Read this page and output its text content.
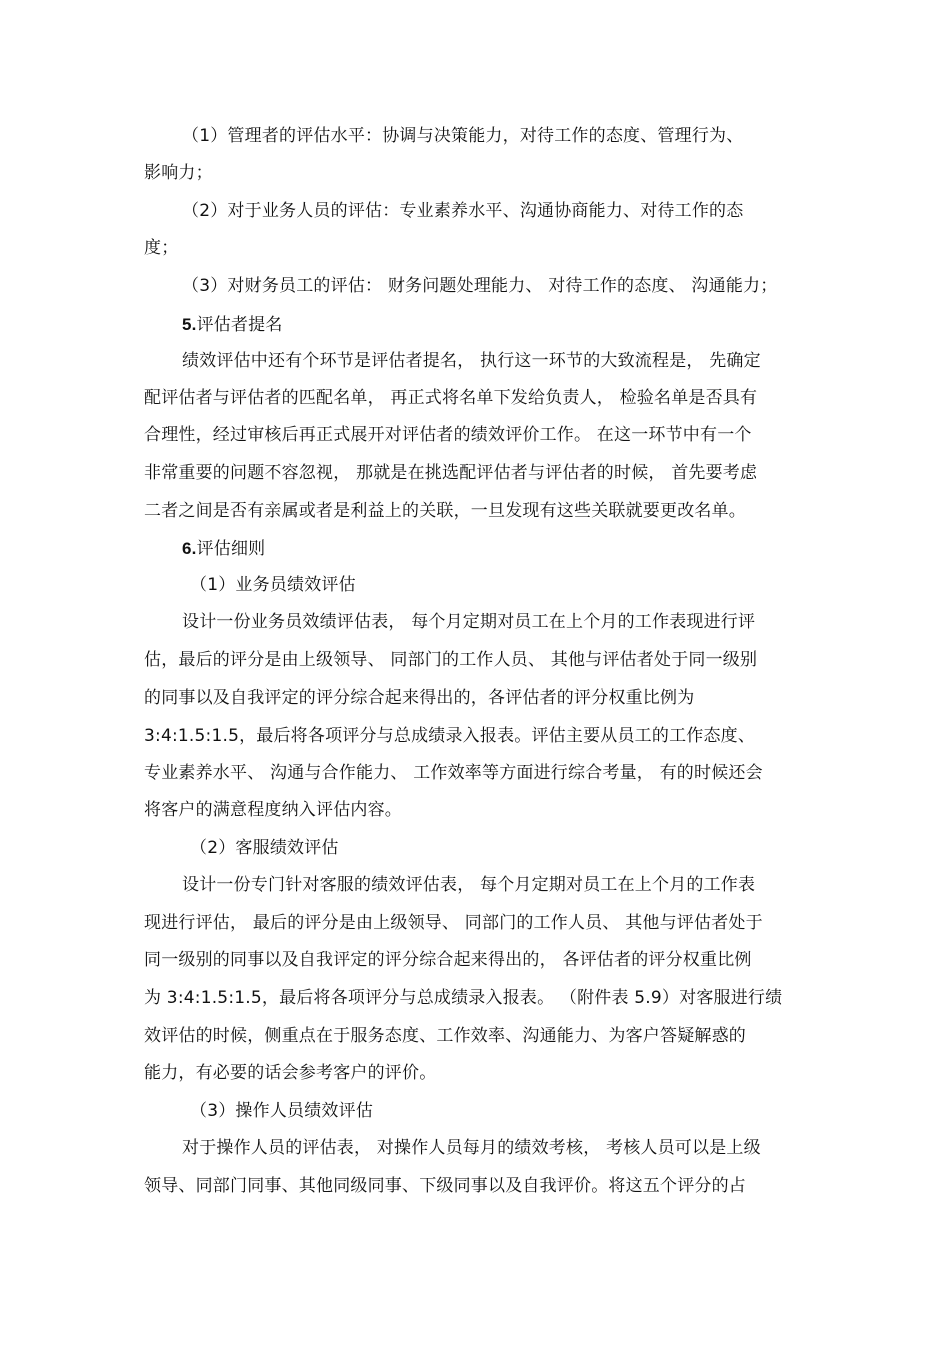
（1）管理者的评估水平：协调与决策能力，对待工作的态度、管理行为、
影响力；
（2）对于业务人员的评估：专业素养水平、沟通协商能力、对待工作的态
度；
（3）对财务员工的评估： 财务问题处理能力、 对待工作的态度、 沟通能力；
5.评估者提名
绩效评估中还有个环节是评估者提名， 执行这一环节的大致流程是， 先确定
配评估者与评估者的匹配名单， 再正式将名单下发给负责人， 检验名单是否具有
合理性，经过审核后再正式展开对评估者的绩效评价工作。 在这一环节中有一个
非常重要的问题不容忽视， 那就是在挑选配评估者与评估者的时候， 首先要考虑
二者之间是否有亲属或者是利益上的关联，一旦发现有这些关联就要更改名单。
6.评估细则
（1）业务员绩效评估
设计一份业务员效绩评估表， 每个月定期对员工在上个月的工作表现进行评
估，最后的评分是由上级领导、 同部门的工作人员、 其他与评估者处于同一级别
的同事以及自我评定的评分综合起来得出的，各评估者的评分权重比例为
3:4:1.5:1.5，最后将各项评分与总成绩录入报表。评估主要从员工的工作态度、
专业素养水平、 沟通与合作能力、 工作效率等方面进行综合考量， 有的时候还会
将客户的满意程度纳入评估内容。
（2）客服绩效评估
设计一份专门针对客服的绩效评估表， 每个月定期对员工在上个月的工作表
现进行评估， 最后的评分是由上级领导、 同部门的工作人员、 其他与评估者处于
同一级别的同事以及自我评定的评分综合起来得出的， 各评估者的评分权重比例
为 3:4:1.5:1.5，最后将各项评分与总成绩录入报表。 （附件表 5.9）对客服进行绩
效评估的时候，侧重点在于服务态度、工作效率、沟通能力、为客户答疑解惑的
能力，有必要的话会参考客户的评价。
（3）操作人员绩效评估
对于操作人员的评估表， 对操作人员每月的绩效考核， 考核人员可以是上级
领导、同部门同事、其他同级同事、下级同事以及自我评价。将这五个评分的占
